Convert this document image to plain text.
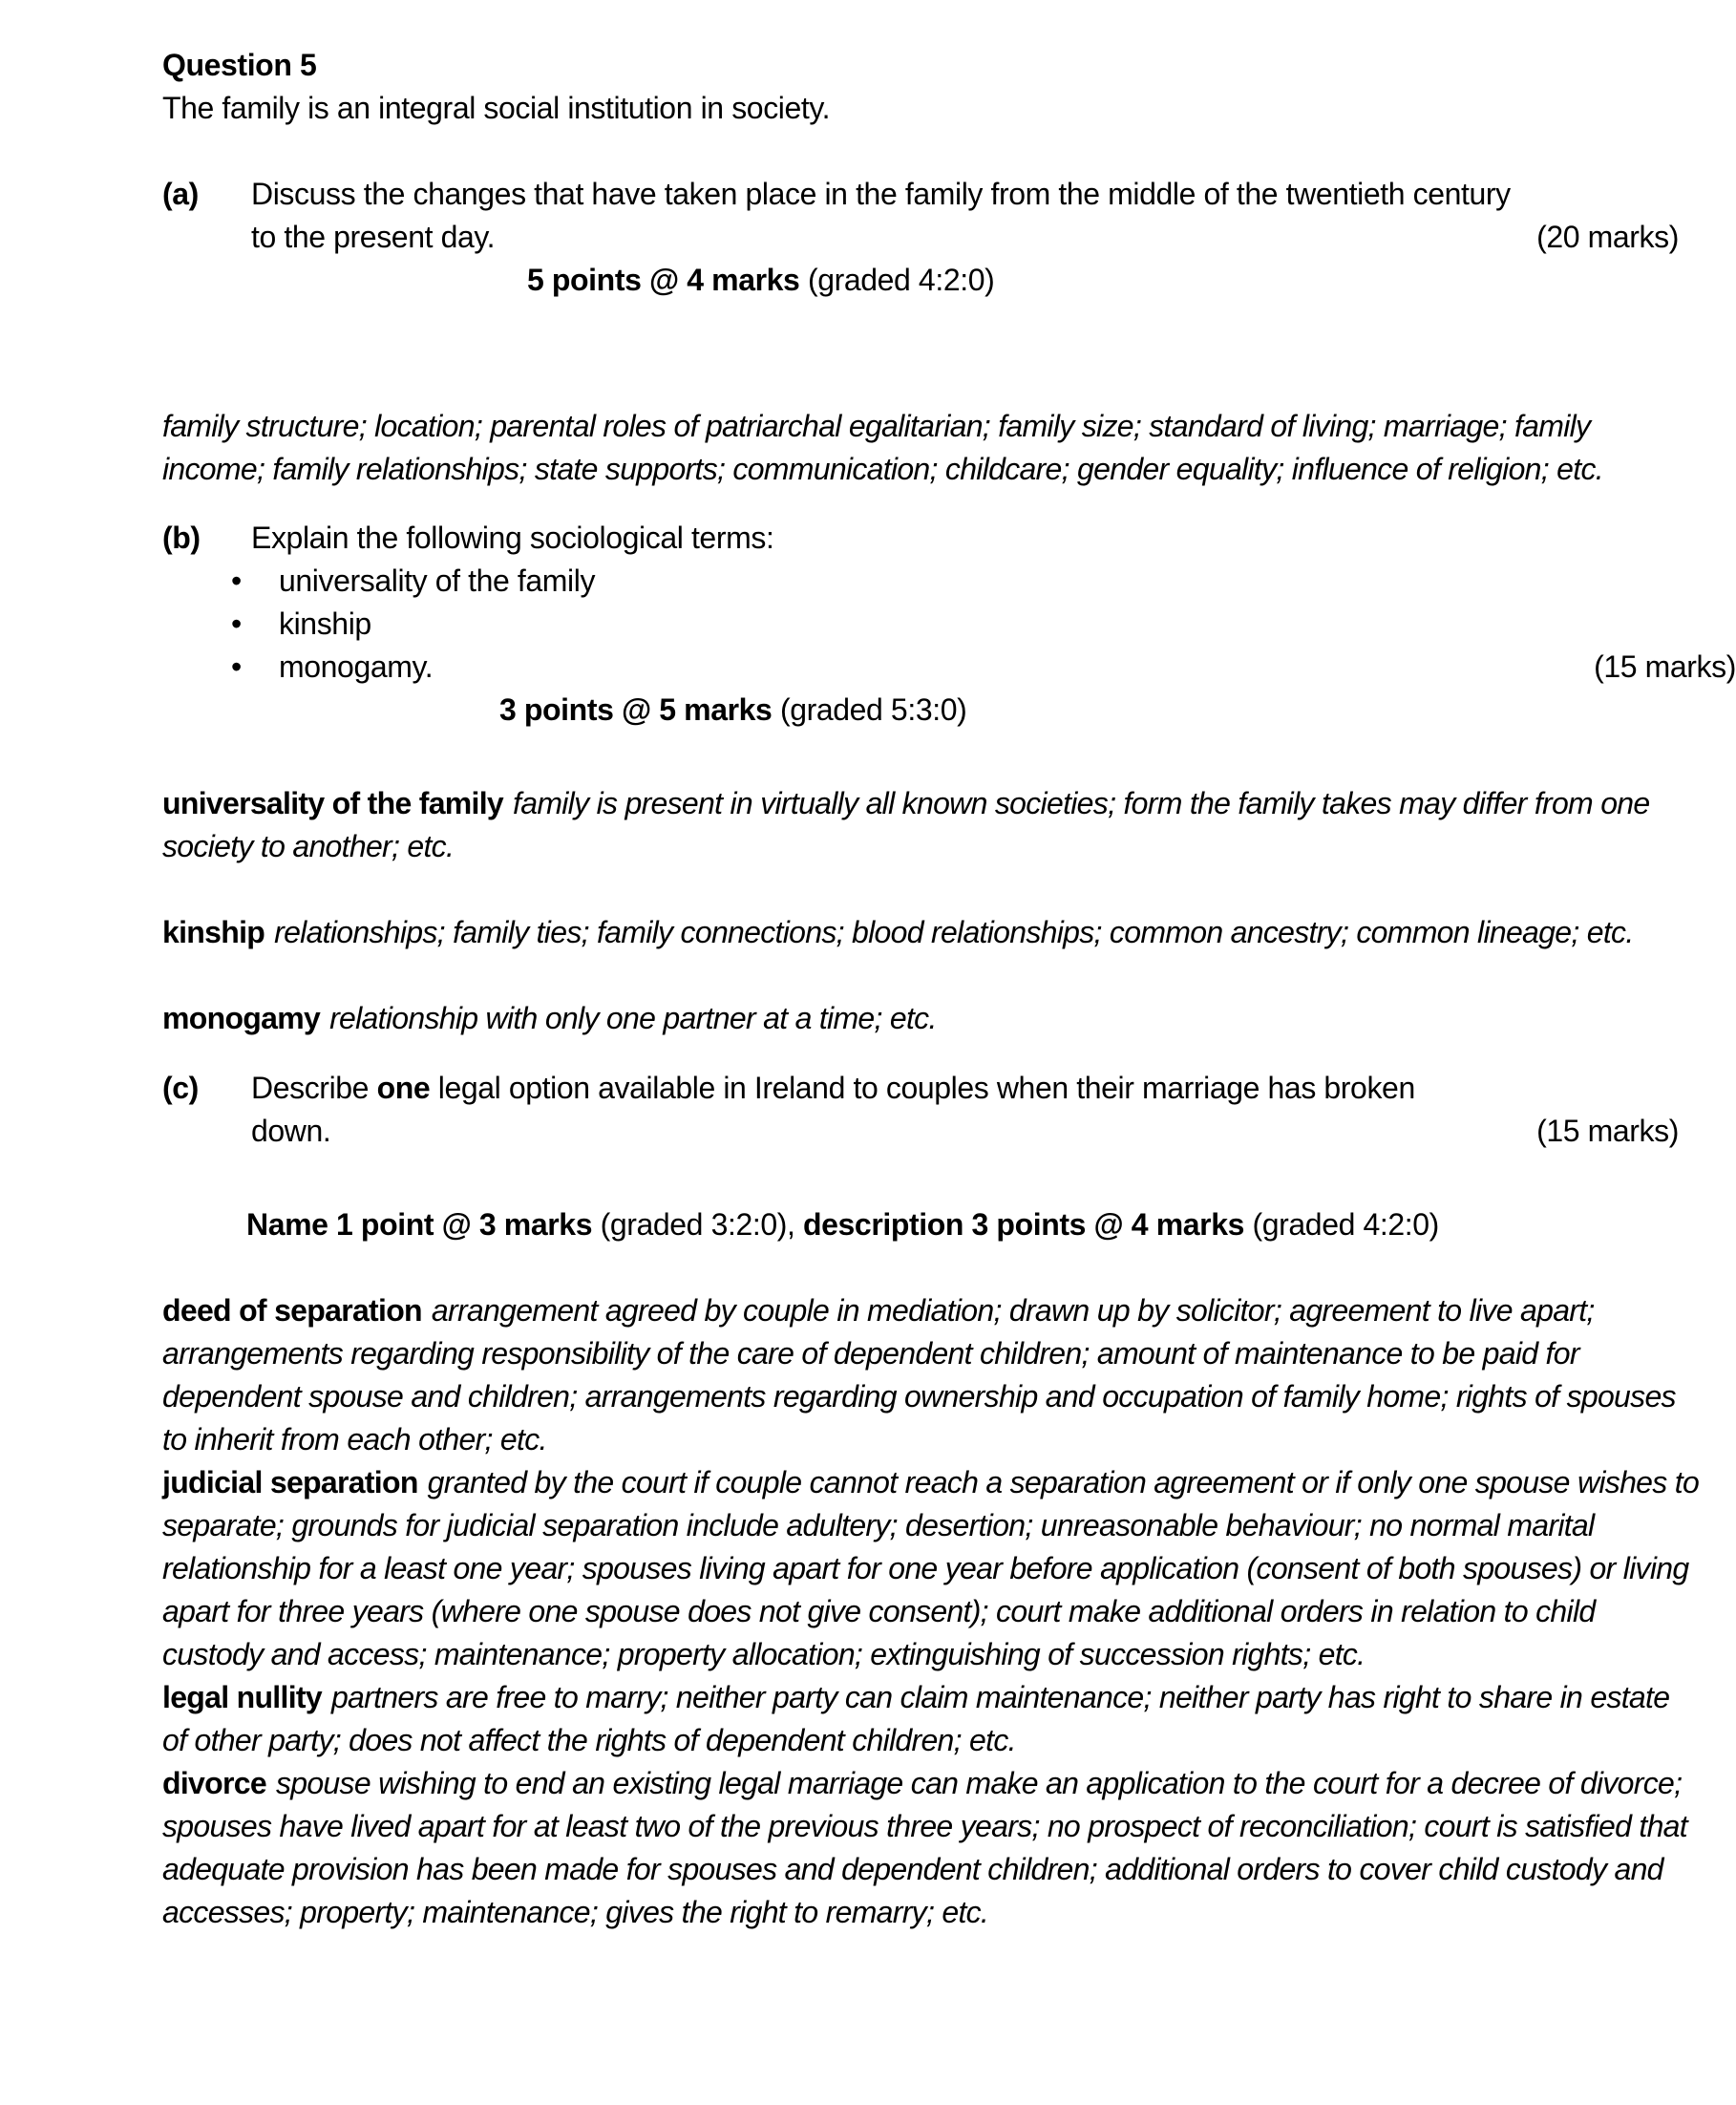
Question 5
The family is an integral social institution in society.
(a)	Discuss the changes that have taken place in the family from the middle of the twentieth century
to the present day.	(20 marks)
5 points @ 4 marks (graded 4:2:0)
family structure; location; parental roles of patriarchal egalitarian; family size; standard of living; marriage; family income; family relationships; state supports; communication; childcare; gender equality; influence of religion; etc.
(b)	Explain the following sociological terms:
•	universality of the family
•	kinship
•	monogamy.	(15 marks)
3 points @ 5 marks (graded 5:3:0)
universality of the family family is present in virtually all known societies; form the family takes may differ from one society to another; etc.
kinship relationships; family ties; family connections; blood relationships; common ancestry; common lineage; etc.
monogamy relationship with only one partner at a time; etc.
(c)	Describe one legal option available in Ireland to couples when their marriage has broken
down.	(15 marks)
Name 1 point @ 3 marks (graded 3:2:0), description 3 points @ 4 marks (graded 4:2:0)

deed of separation arrangement agreed by couple in mediation; drawn up by solicitor; agreement to live apart; arrangements regarding responsibility of the care of dependent children; amount of maintenance to be paid for dependent spouse and children; arrangements regarding ownership and occupation of family home; rights of spouses to inherit from each other; etc.

judicial separation granted by the court if couple cannot reach a separation agreement or if only one spouse wishes to separate; grounds for judicial separation include adultery; desertion; unreasonable behaviour; no normal marital relationship for a least one year; spouses living apart for one year before application (consent of both spouses) or living apart for three years (where one spouse does not give consent); court make additional orders in relation to child custody and access; maintenance; property allocation; extinguishing of succession rights; etc.

legal nullity partners are free to marry; neither party can claim maintenance; neither party has right to share in estate of other party; does not affect the rights of dependent children; etc.

divorce spouse wishing to end an existing legal marriage can make an application to the court for a decree of divorce; spouses have lived apart for at least two of the previous three years; no prospect of reconciliation; court is satisfied that adequate provision has been made for spouses and dependent children; additional orders to cover child custody and accesses; property; maintenance; gives the right to remarry; etc.
